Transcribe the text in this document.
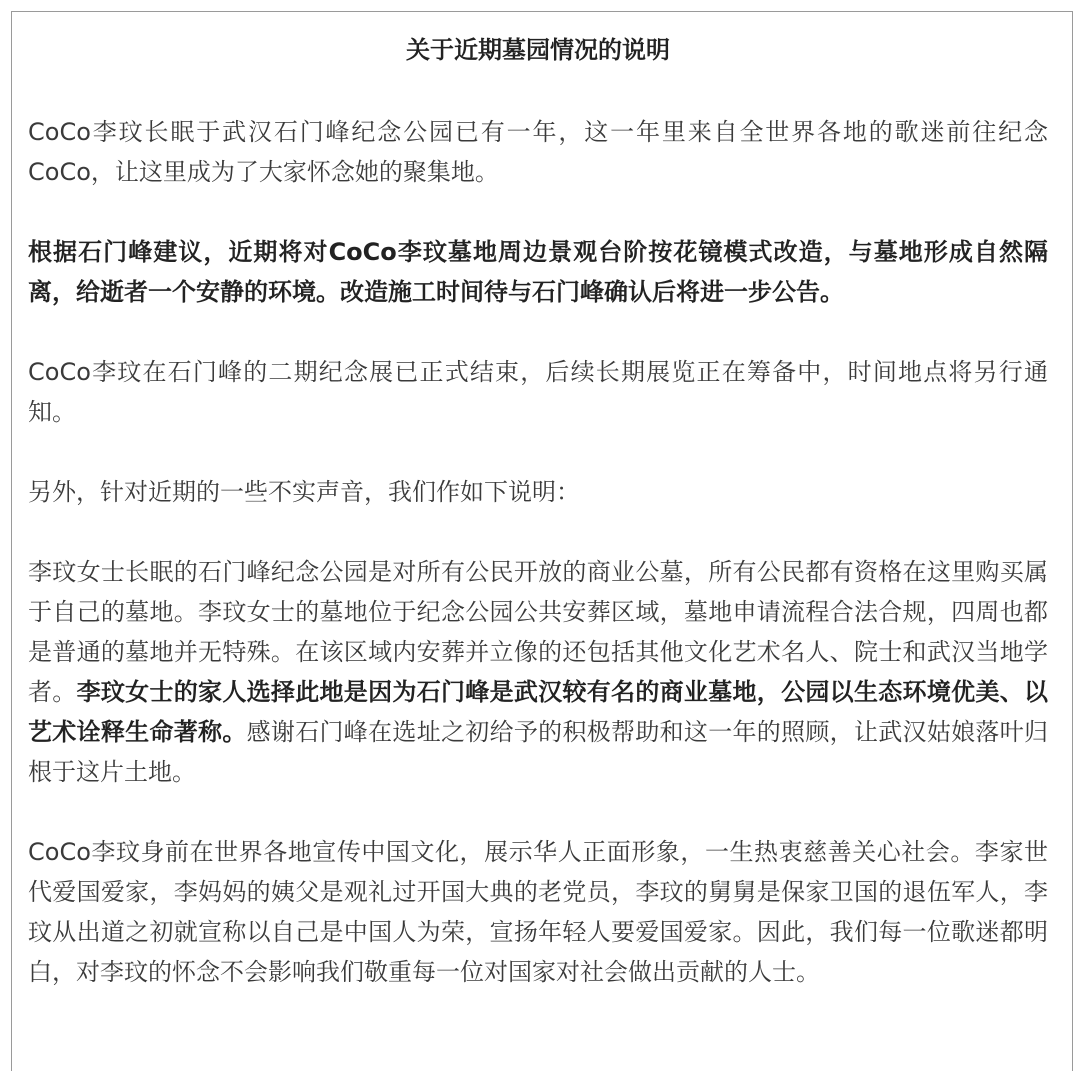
关于近期墓园情况的说明

CoCo李玟长眠于武汉石门峰纪念公园已有一年，这一年里来自全世界各地的歌迷前往纪念CoCo，让这里成为了大家怀念她的聚集地。

根据石门峰建议，近期将对CoCo李玟墓地周边景观台阶按花镜模式改造，与墓地形成自然隔离，给逝者一个安静的环境。改造施工时间待与石门峰确认后将进一步公告。

CoCo李玟在石门峰的二期纪念展已正式结束，后续长期展览正在筹备中，时间地点将另行通知。

另外，针对近期的一些不实声音，我们作如下说明：

李玟女士长眠的石门峰纪念公园是对所有公民开放的商业公墓，所有公民都有资格在这里购买属于自己的墓地。李玟女士的墓地位于纪念公园公共安葬区域，墓地申请流程合法合规，四周也都是普通的墓地并无特殊。在该区域内安葬并立像的还包括其他文化艺术名人、院士和武汉当地学者。李玟女士的家人选择此地是因为石门峰是武汉较有名的商业墓地，公园以生态环境优美、以艺术诠释生命著称。感谢石门峰在选址之初给予的积极帮助和这一年的照顾，让武汉姑娘落叶归根于这片土地。

CoCo李玟身前在世界各地宣传中国文化，展示华人正面形象，一生热衷慈善关心社会。李家世代爱国爱家，李妈妈的姨父是观礼过开国大典的老党员，李玟的舅舅是保家卫国的退伍军人，李玟从出道之初就宣称以自己是中国人为荣，宣扬年轻人要爱国爱家。因此，我们每一位歌迷都明白，对李玟的怀念不会影响我们敬重每一位对国家对社会做出贡献的人士。
